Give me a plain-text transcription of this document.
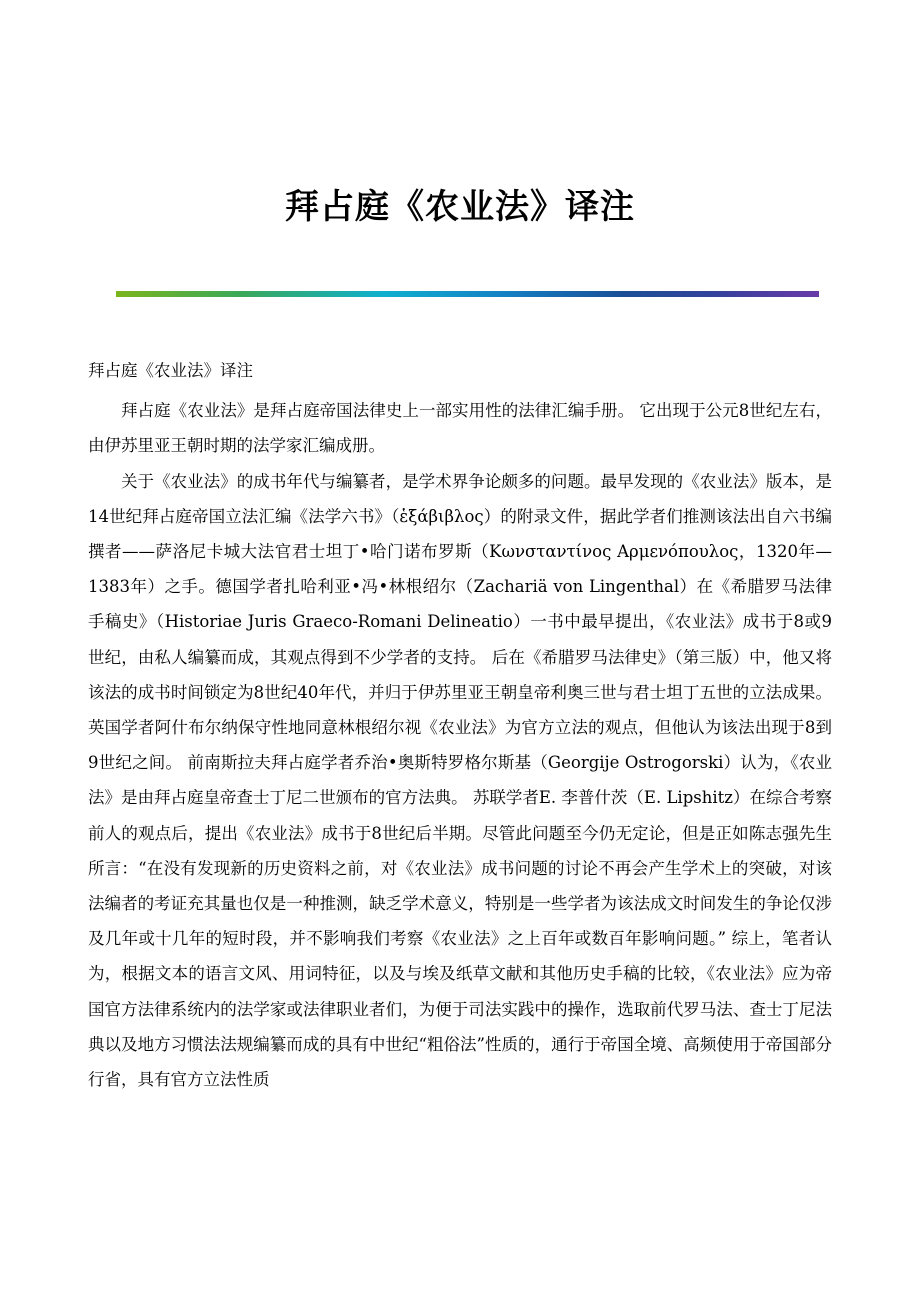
拜占庭《农业法》译注

拜占庭《农业法》译注

拜占庭《农业法》是拜占庭帝国法律史上一部实用性的法律汇编手册。 它出现于公元8世纪左右，由伊苏里亚王朝时期的法学家汇编成册。

关于《农业法》的成书年代与编纂者，是学术界争论颇多的问题。最早发现的《农业法》版本，是14世纪拜占庭帝国立法汇编《法学六书》（ἑξάβιβλος）的附录文件，据此学者们推测该法出自六书编撰者——萨洛尼卡城大法官君士坦丁•哈门诺布罗斯（Κωνσταντίνος Αρμενόπουλος，1320年—1383年）之手。德国学者扎哈利亚•冯•林根绍尔（Zachariä von Lingenthal）在《希腊罗马法律手稿史》（Historiae Juris Graeco-Romani Delineatio）一书中最早提出，《农业法》成书于8或9世纪，由私人编纂而成，其观点得到不少学者的支持。 后在《希腊罗马法律史》（第三版）中，他又将该法的成书时间锁定为8世纪40年代，并归于伊苏里亚王朝皇帝利奥三世与君士坦丁五世的立法成果。 英国学者阿什布尔纳保守性地同意林根绍尔视《农业法》为官方立法的观点，但他认为该法出现于8到9世纪之间。 前南斯拉夫拜占庭学者乔治•奥斯特罗格尔斯基（Georgije Ostrogorski）认为，《农业法》是由拜占庭皇帝查士丁尼二世颁布的官方法典。 苏联学者E. 李普什茨（E. Lipshitz）在综合考察前人的观点后，提出《农业法》成书于8世纪后半期。尽管此问题至今仍无定论，但是正如陈志强先生所言：“在没有发现新的历史资料之前，对《农业法》成书问题的讨论不再会产生学术上的突破，对该法编者的考证充其量也仅是一种推测，缺乏学术意义，特别是一些学者为该法成文时间发生的争论仅涉及几年或十几年的短时段，并不影响我们考察《农业法》之上百年或数百年影响问题。” 综上，笔者认为，根据文本的语言文风、用词特征，以及与埃及纸草文献和其他历史手稿的比较，《农业法》应为帝国官方法律系统内的法学家或法律职业者们，为便于司法实践中的操作，选取前代罗马法、查士丁尼法典以及地方习惯法法规编纂而成的具有中世纪“粗俗法”性质的，通行于帝国全境、高频使用于帝国部分行省，具有官方立法性质
